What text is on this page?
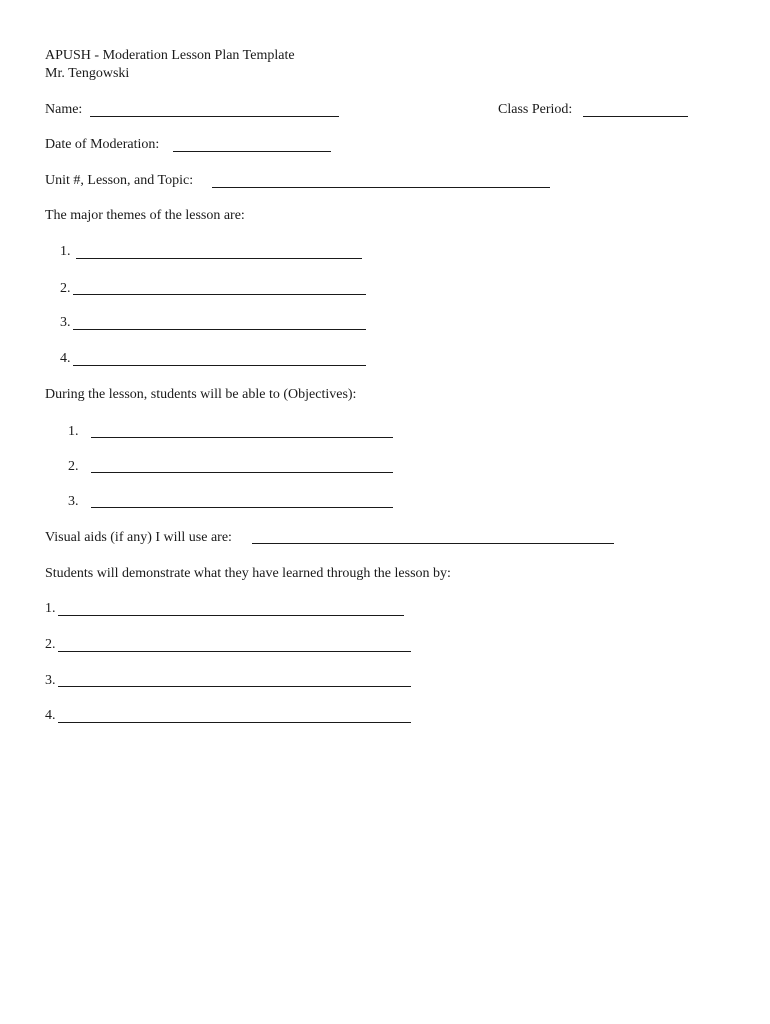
APUSH - Moderation Lesson Plan Template
Mr. Tengowski
Name:	Class Period:
Date of Moderation:
Unit #, Lesson, and Topic:
The major themes of the lesson are:
1.
2.
3.
4.
During the lesson, students will be able to (Objectives):
1.
2.
3.
Visual aids (if any) I will use are:
Students will demonstrate what they have learned through the lesson by:
1.
2.
3.
4.
